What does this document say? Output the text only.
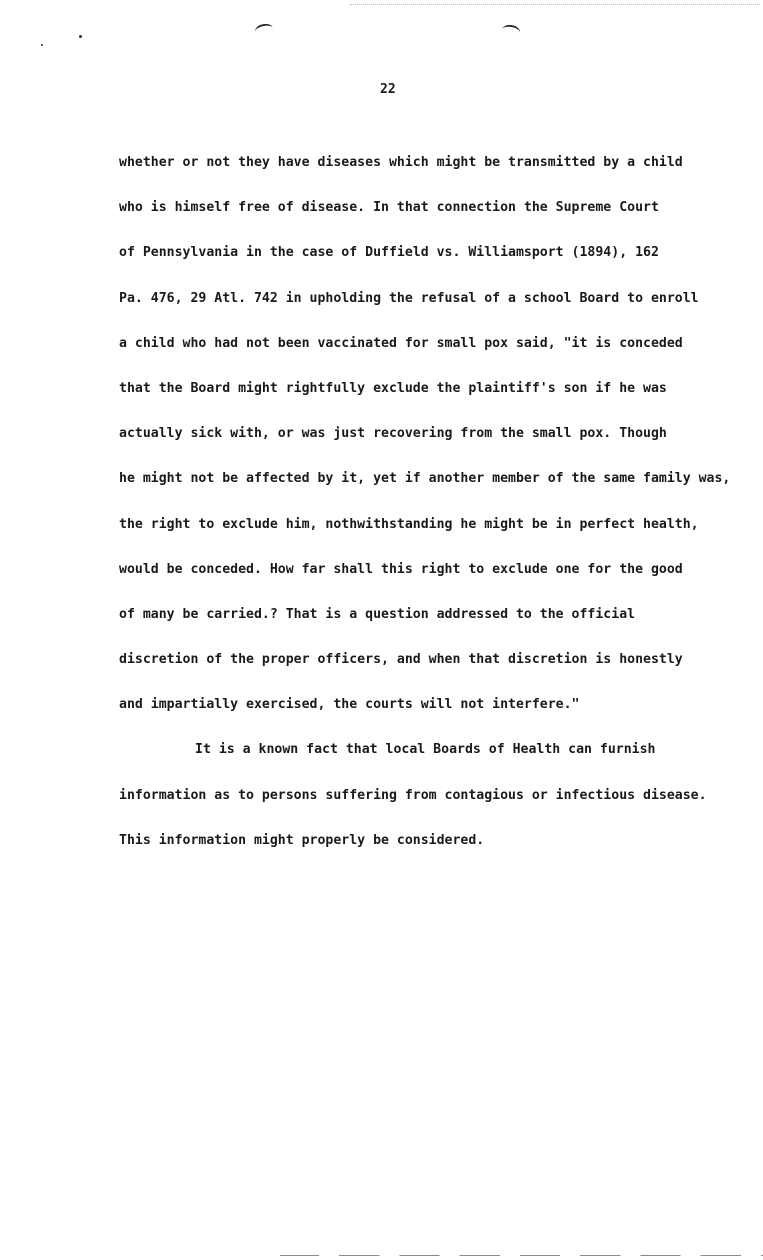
22
whether or not they have diseases which might be transmitted by a child
who is himself free of disease. In that connection the Supreme Court
of Pennsylvania in the case of Duffield vs. Williamsport (1894), 162
Pa. 476, 29 Atl. 742 in upholding the refusal of a school Board to enroll
a child who had not been vaccinated for small pox said, "it is conceded
that the Board might rightfully exclude the plaintiff's son if he was
actually sick with, or was just recovering from the small pox. Though
he might not be affected by it, yet if another member of the same family was,
the right to exclude him, nothwithstanding he might be in perfect health,
would be conceded. How far shall this right to exclude one for the good
of many be carried.? That is a question addressed to the official
discretion of the proper officers, and when that discretion is honestly
and impartially exercised, the courts will not interfere."
It is a known fact that local Boards of Health can furnish
information as to persons suffering from contagious or infectious disease.
This information might properly be considered.
